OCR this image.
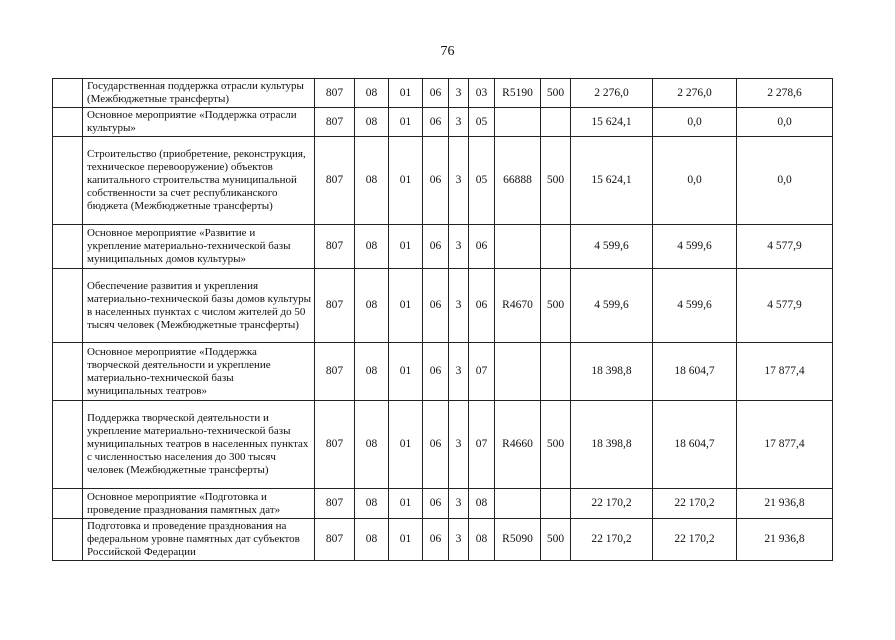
76
	Государственная поддержка отрасли культуры (Межбюджетные трансферты)	807	08	01	06	3	03	R5190	500	2 276,0	2 276,0	2 278,6
	Основное мероприятие «Поддержка отрасли культуры»	807	08	01	06	3	05			15 624,1	0,0	0,0
	Строительство (приобретение, реконструкция, техническое перевооружение) объектов капитального строительства муниципальной собственности за счет республиканского бюджета (Межбюджетные трансферты)	807	08	01	06	3	05	66888	500	15 624,1	0,0	0,0
	Основное мероприятие «Развитие и укрепление материально-технической базы муниципальных домов культуры»	807	08	01	06	3	06			4 599,6	4 599,6	4 577,9
	Обеспечение развития и укрепления материально-технической базы домов культуры в населенных пунктах с числом жителей до 50 тысяч человек (Межбюджетные трансферты)	807	08	01	06	3	06	R4670	500	4 599,6	4 599,6	4 577,9
	Основное мероприятие «Поддержка творческой деятельности и укрепление материально-технической базы муниципальных театров»	807	08	01	06	3	07			18 398,8	18 604,7	17 877,4
	Поддержка творческой деятельности и укрепление материально-технической базы муниципальных театров в населенных пунктах с численностью населения до 300 тысяч человек (Межбюджетные трансферты)	807	08	01	06	3	07	R4660	500	18 398,8	18 604,7	17 877,4
	Основное мероприятие «Подготовка и проведение празднования памятных дат»	807	08	01	06	3	08			22 170,2	22 170,2	21 936,8
	Подготовка и проведение празднования на федеральном уровне памятных дат субъектов Российской Федерации	807	08	01	06	3	08	R5090	500	22 170,2	22 170,2	21 936,8
